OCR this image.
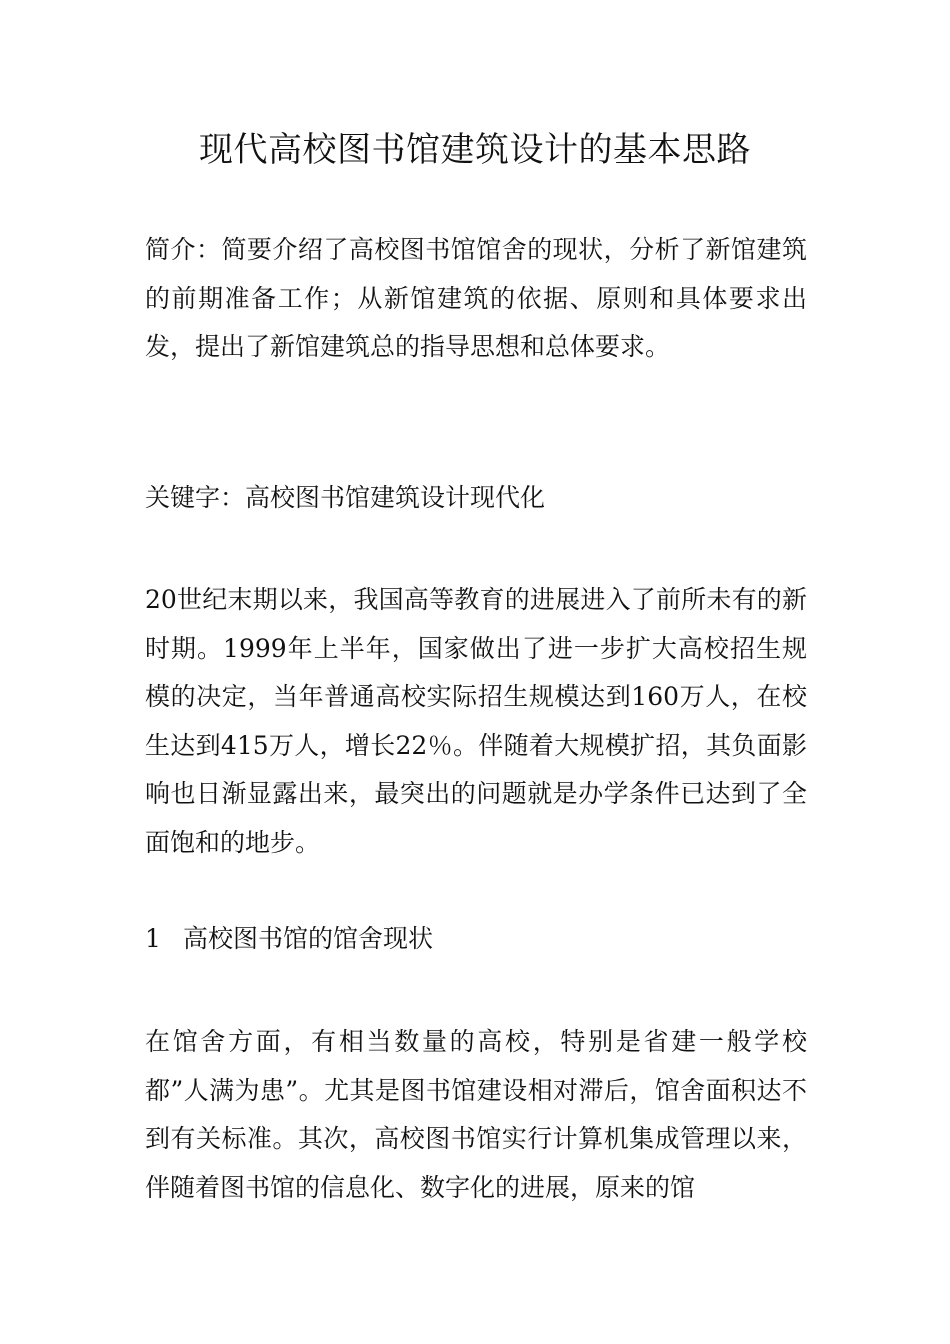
现代高校图书馆建筑设计的基本思路

简介：简要介绍了高校图书馆馆舍的现状，分析了新馆建筑的前期准备工作；从新馆建筑的依据、原则和具体要求出发，提出了新馆建筑总的指导思想和总体要求。

关键字：高校图书馆建筑设计现代化

20世纪末期以来，我国高等教育的进展进入了前所未有的新时期。1999年上半年，国家做出了进一步扩大高校招生规模的决定，当年普通高校实际招生规模达到160万人，在校生达到415万人，增长22％。伴随着大规模扩招，其负面影响也日渐显露出来，最突出的问题就是办学条件已达到了全面饱和的地步。

1 高校图书馆的馆舍现状

在馆舍方面，有相当数量的高校，特别是省建一般学校都”人满为患”。尤其是图书馆建设相对滞后，馆舍面积达不到有关标准。其次，高校图书馆实行计算机集成管理以来，伴随着图书馆的信息化、数字化的进展，原来的馆
